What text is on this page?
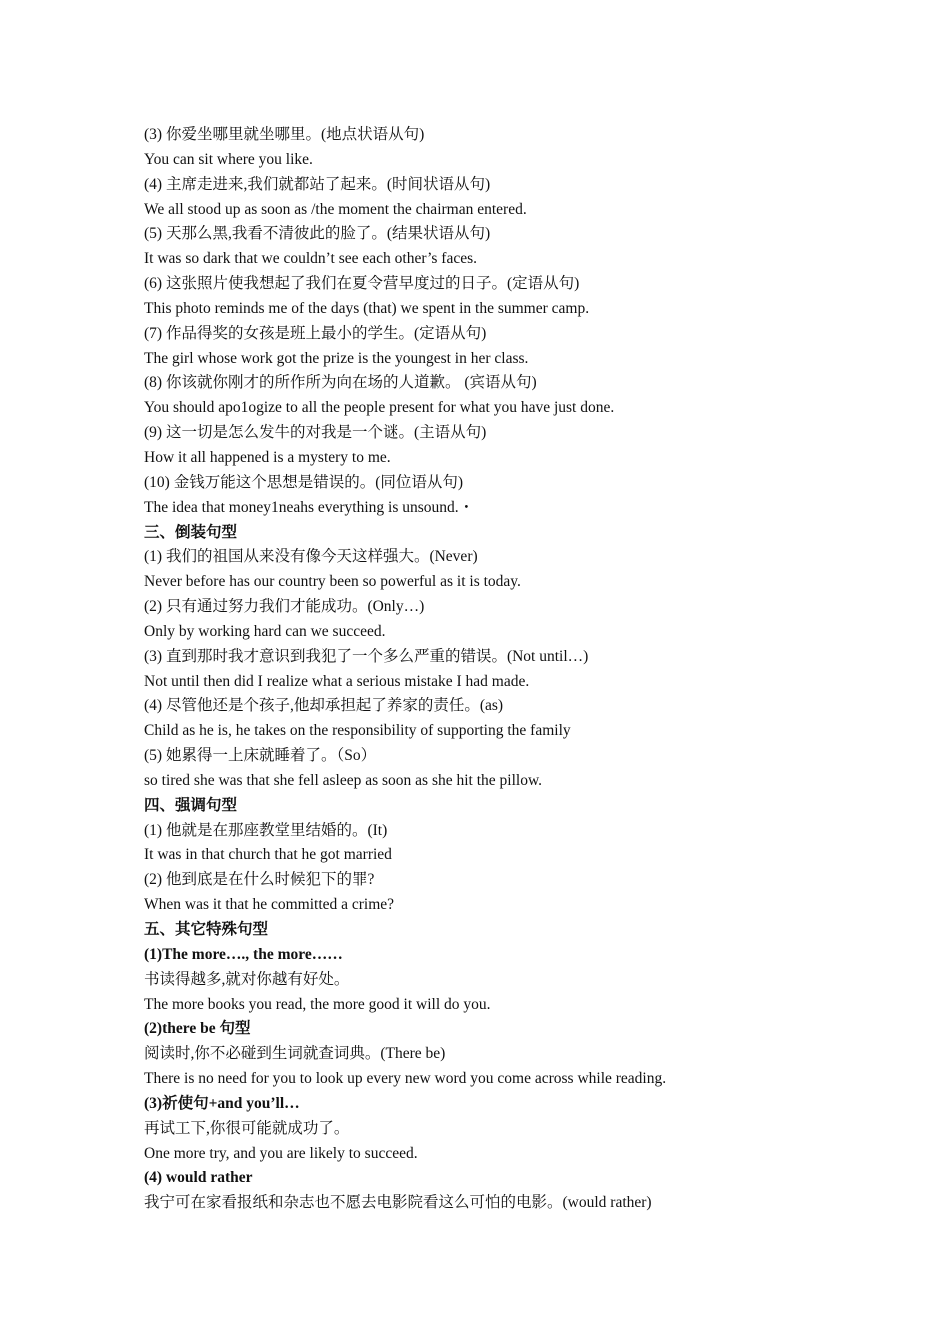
(3) 你爱坐哪里就坐哪里。(地点状语从句)
You can sit where you like.
(4) 主席走进来,我们就都站了起来。(时间状语从句)
We all stood up as soon as /the moment the chairman entered.
(5) 天那么黑,我看不清彼此的脸了。(结果状语从句)
It was so dark that we couldn’t see each other’s faces.
(6) 这张照片使我想起了我们在夏令营早度过的日子。(定语从句)
This photo reminds me of the days (that) we spent in the summer camp.
(7) 作品得奖的女孩是班上最小的学生。(定语从句)
The girl whose work got the prize is the youngest in her class.
(8) 你该就你刚才的所作所为向在场的人道歉。 (宾语从句)
You should apo1ogize to all the people present for what you have just done.
(9) 这一切是怎么发牛的对我是一个谜。(主语从句)
How it all happened is a mystery to me.
(10) 金钱万能这个思想是错误的。(同位语从句)
The idea that money1neahs everything is unsound.・
三、倒装句型
(1) 我们的祖国从来没有像今天这样强大。(Never)
Never before has our country been so powerful as it is today.
(2) 只有通过努力我们才能成功。(Only…)
Only by working hard can we succeed.
(3) 直到那时我才意识到我犯了一个多么严重的错误。(Not until…)
Not until then did I realize what a serious mistake I had made.
(4) 尽管他还是个孩子,他却承担起了养家的责任。(as)
Child as he is, he takes on the responsibility of supporting the family
(5) 她累得一上床就睡着了。（So）
so tired she was that she fell asleep as soon as she hit the pillow.
四、强调句型
(1) 他就是在那座教堂里结婚的。(It)
It was in that church that he got married
(2) 他到底是在什么时候犯下的罪?
When was it that he committed a crime?
五、其它特殊句型
(1)The more…., the more……
书读得越多,就对你越有好处。
The more books you read, the more good it will do you.
(2)there be 句型
阅读时,你不必碰到生词就查词典。(There be)
There is no need for you to look up every new word you come across while reading.
(3)祈使句+and you’ll…
再试工下,你很可能就成功了。
One more try, and you are likely to succeed.
(4) would rather
我宁可在家看报纸和杂志也不愿去电影院看这么可怕的电影。(would rather)
